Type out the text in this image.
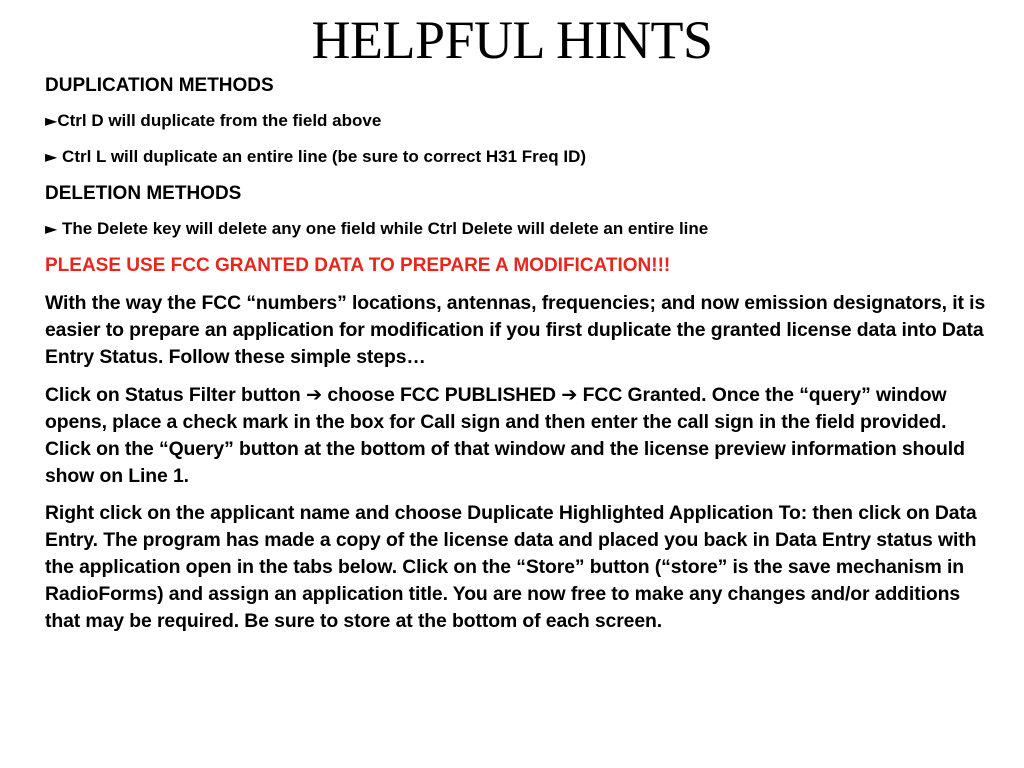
HELPFUL HINTS

DUPLICATION METHODS

►Ctrl D will duplicate from the field above

► Ctrl L will duplicate an entire line (be sure to correct H31 Freq ID)

DELETION METHODS

► The Delete key will delete any one field while Ctrl Delete will delete an entire line

PLEASE USE FCC GRANTED DATA TO PREPARE A MODIFICATION!!!

With the way the FCC “numbers” locations, antennas, frequencies; and now emission designators, it is easier to prepare an application for modification if you first duplicate the granted license data into Data Entry Status. Follow these simple steps…

Click on Status Filter button ➔ choose FCC PUBLISHED ➔ FCC Granted. Once the “query” window opens, place a check mark in the box for Call sign and then enter the call sign in the field provided. Click on the “Query” button at the bottom of that window and the license preview information should show on Line 1.

Right click on the applicant name and choose Duplicate Highlighted Application To: then click on Data Entry. The program has made a copy of the license data and placed you back in Data Entry status with the application open in the tabs below. Click on the “Store” button (“store” is the save mechanism in RadioForms) and assign an application title. You are now free to make any changes and/or additions that may be required. Be sure to store at the bottom of each screen.
